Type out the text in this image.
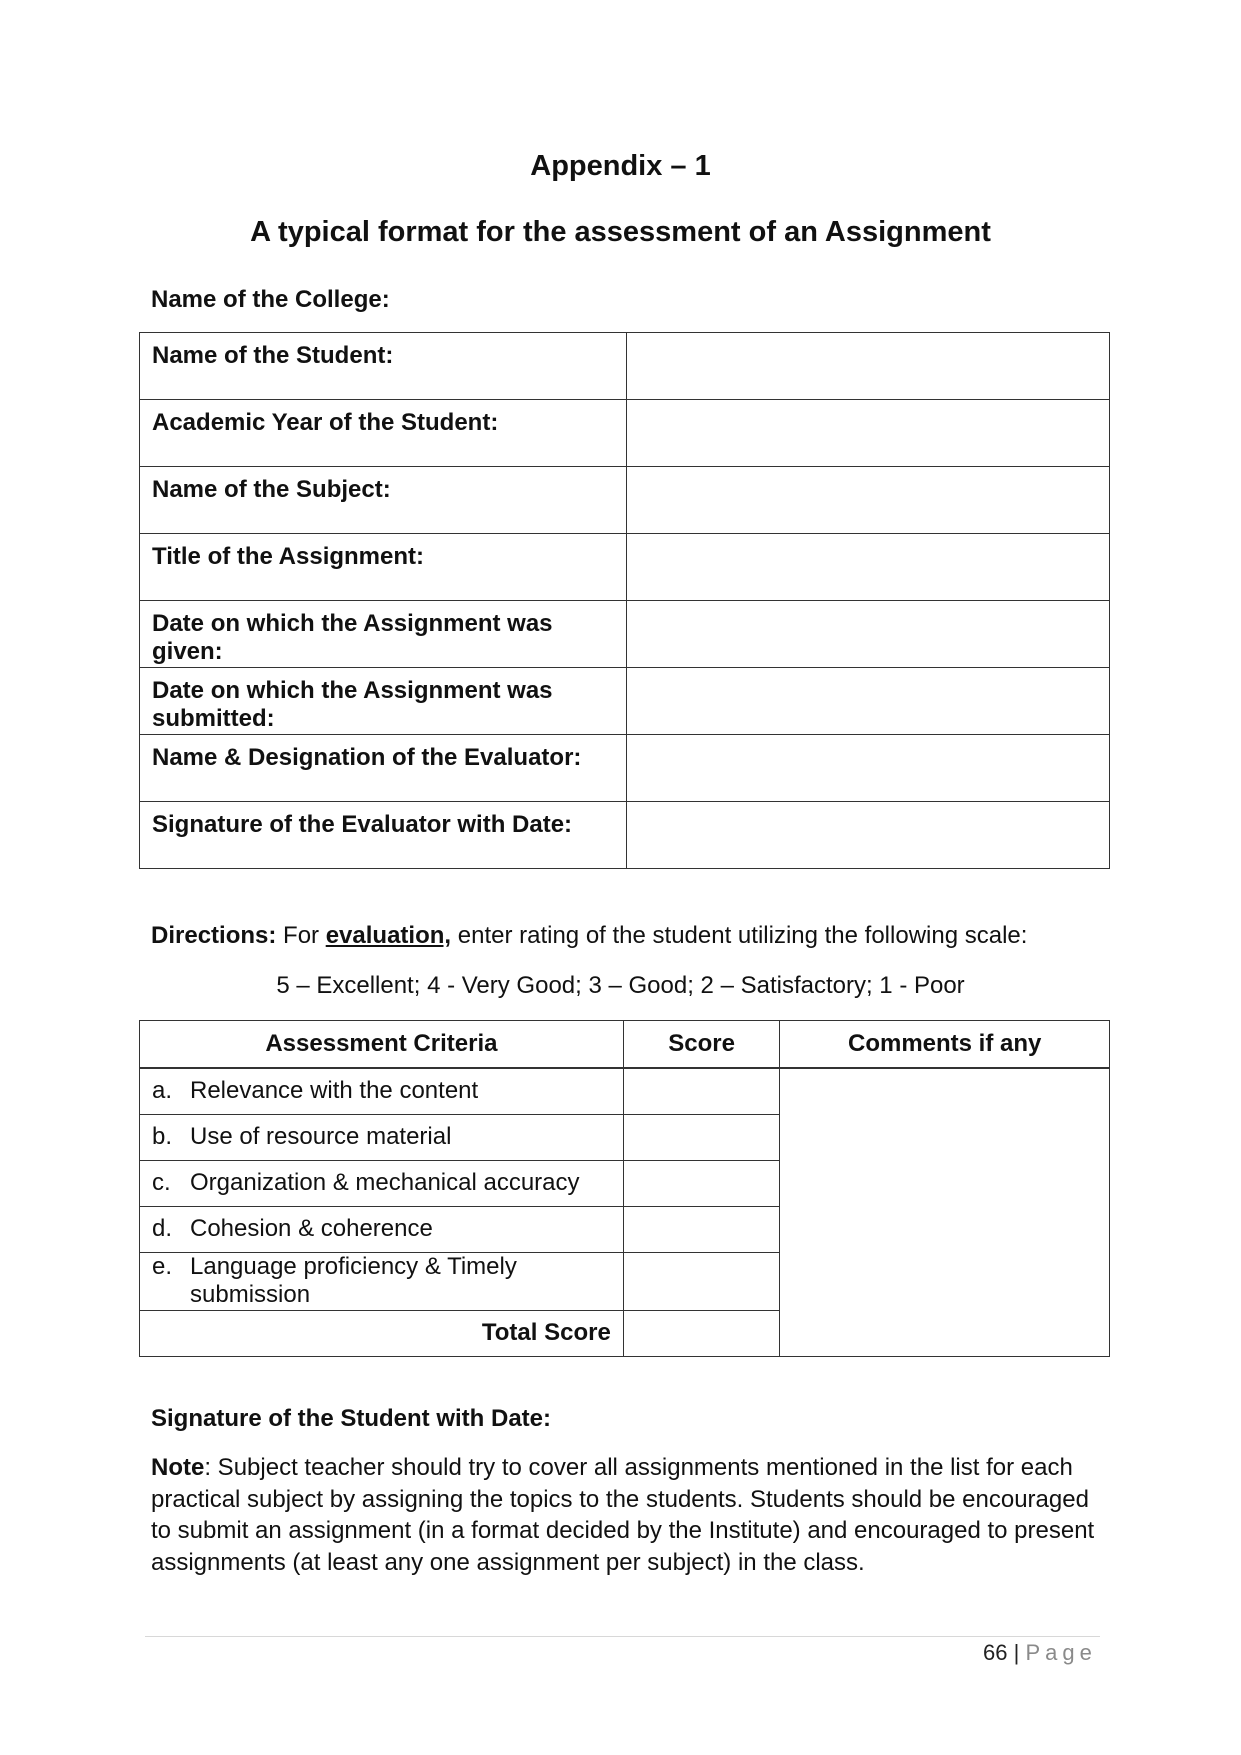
Appendix – 1
A typical format for the assessment of an Assignment
Name of the College:
Name of the Student:	
Academic Year of the Student:	
Name of the Subject:	
Title of the Assignment:	
Date on which the Assignment was given:	
Date on which the Assignment was submitted:	
Name & Designation of the Evaluator:	
Signature of the Evaluator with Date:	
Directions: For evaluation, enter rating of the student utilizing the following scale:
5 – Excellent; 4 - Very Good; 3 – Good; 2 – Satisfactory; 1 - Poor
Assessment Criteria	Score	Comments if any
a. Relevance with the content		
b. Use of resource material		
c. Organization & mechanical accuracy		
d. Cohesion & coherence		
e. Language proficiency & Timely submission		
Total Score		
Signature of the Student with Date:
Note: Subject teacher should try to cover all assignments mentioned in the list for each practical subject by assigning the topics to the students. Students should be encouraged to submit an assignment (in a format decided by the Institute) and encouraged to present assignments (at least any one assignment per subject) in the class.
66 | Page
